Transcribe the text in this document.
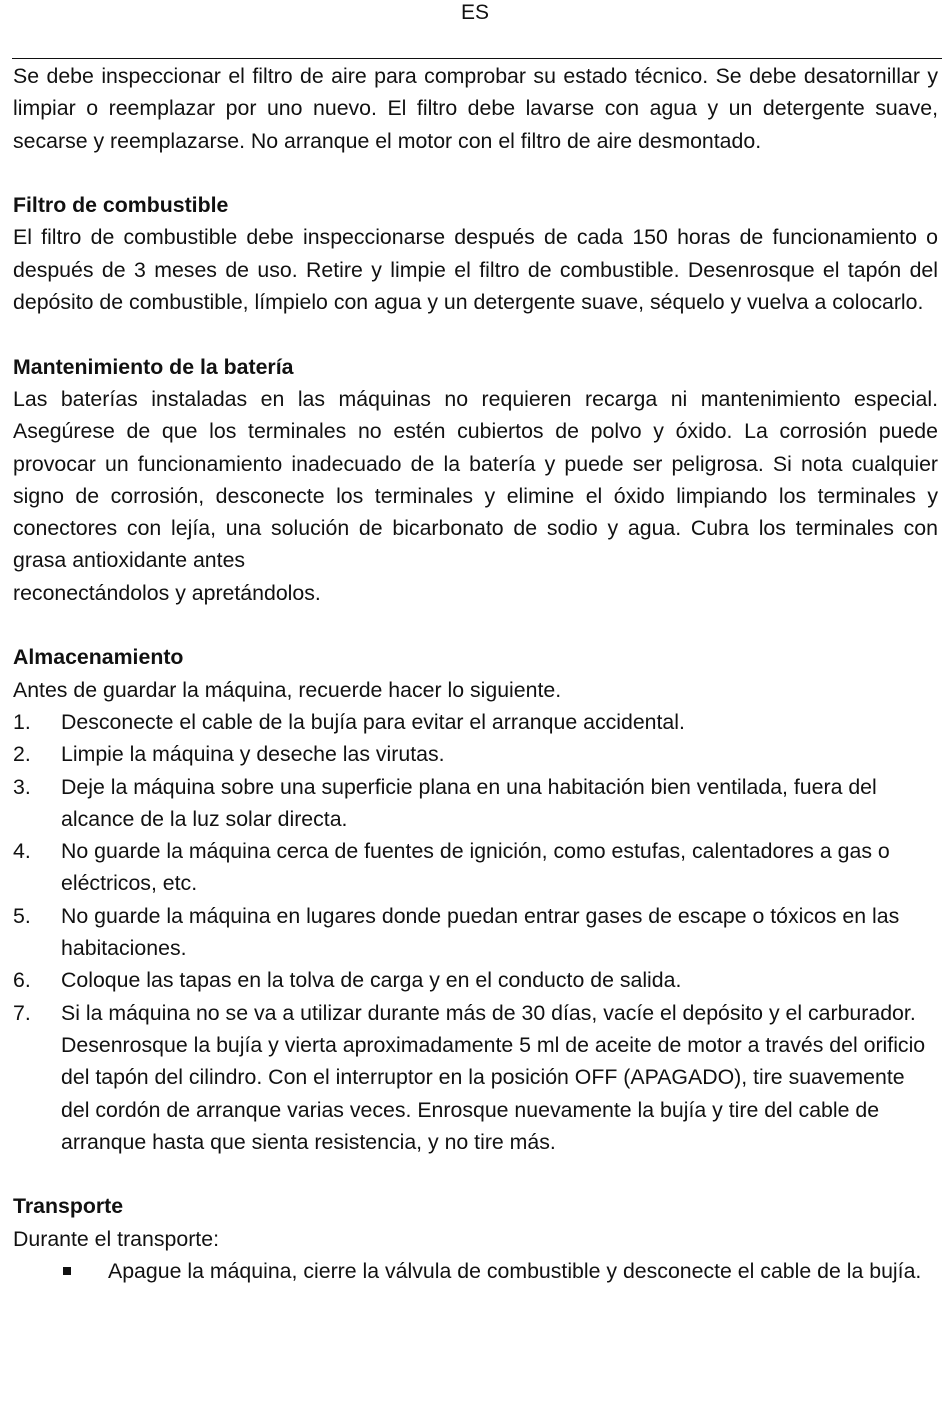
ES

Se debe inspeccionar el filtro de aire para comprobar su estado técnico. Se debe desatornillar y limpiar o reemplazar por uno nuevo. El filtro debe lavarse con agua y un detergente suave, secarse y reemplazarse. No arranque el motor con el filtro de aire desmontado.

Filtro de combustible

El filtro de combustible debe inspeccionarse después de cada 150 horas de funcionamiento o después de 3 meses de uso. Retire y limpie el filtro de combustible. Desenrosque el tapón del depósito de combustible, límpielo con agua y un detergente suave, séquelo y vuelva a colocarlo.

Mantenimiento de la batería

Las baterías instaladas en las máquinas no requieren recarga ni mantenimiento especial. Asegúrese de que los terminales no estén cubiertos de polvo y óxido. La corrosión puede provocar un funcionamiento inadecuado de la batería y puede ser peligrosa. Si nota cualquier signo de corrosión, desconecte los terminales y elimine el óxido limpiando los terminales y conectores con lejía, una solución de bicarbonato de sodio y agua. Cubra los terminales con grasa antioxidante antes
reconectándolos y apretándolos.

Almacenamiento

Antes de guardar la máquina, recuerde hacer lo siguiente.

1. Desconecte el cable de la bujía para evitar el arranque accidental.
2. Limpie la máquina y deseche las virutas.
3. Deje la máquina sobre una superficie plana en una habitación bien ventilada, fuera del alcance de la luz solar directa.
4. No guarde la máquina cerca de fuentes de ignición, como estufas, calentadores a gas o eléctricos, etc.
5. No guarde la máquina en lugares donde puedan entrar gases de escape o tóxicos en las habitaciones.
6. Coloque las tapas en la tolva de carga y en el conducto de salida.
7. Si la máquina no se va a utilizar durante más de 30 días, vacíe el depósito y el carburador. Desenrosque la bujía y vierta aproximadamente 5 ml de aceite de motor a través del orificio del tapón del cilindro. Con el interruptor en la posición OFF (APAGADO), tire suavemente del cordón de arranque varias veces. Enrosque nuevamente la bujía y tire del cable de arranque hasta que sienta resistencia, y no tire más.
Transporte

Durante el transporte:

Apague la máquina, cierre la válvula de combustible y desconecte el cable de la bujía.
